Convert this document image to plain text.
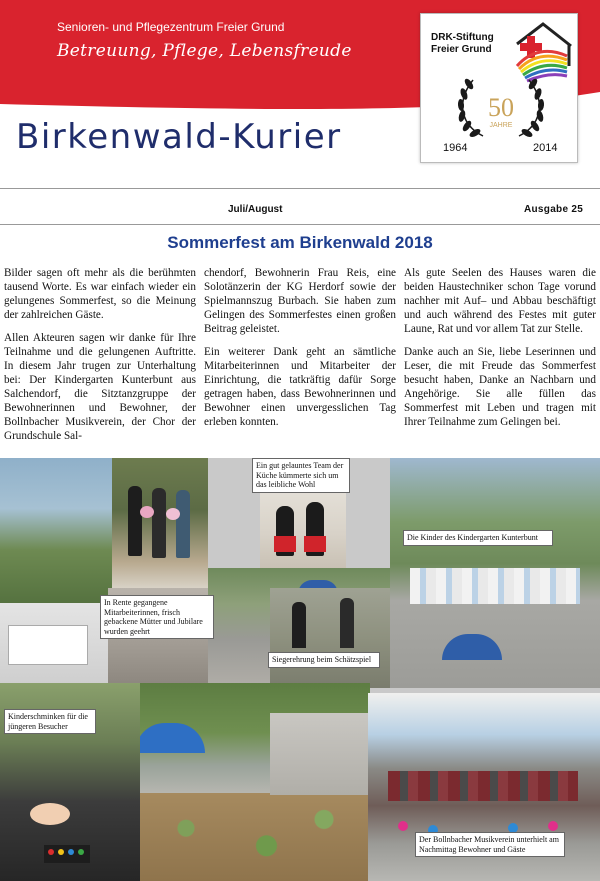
Senioren- und Pflegezentrum Freier Grund
Betreuung, Pflege, Lebensfreude
Birkenwald-Kurier
50
JAHRE
DRK-Stiftung
Freier Grund
1964	2014
Juli/August	Ausgabe 25
Sommerfest am Birkenwald 2018

Bilder sagen oft mehr als die berühmten tausend Worte. Es war einfach wieder ein gelungenes Sommerfest, so die Meinung der zahlreichen Gäste.

Allen Akteuren sagen wir danke für Ihre Teilnahme und die gelungenen Auftritte. In diesem Jahr trugen zur Unterhaltung bei: Der Kindergarten Kunterbunt aus Salchendorf, die Sitztanzgruppe der Bewohnerinnen und Bewohner, der Bollnbacher Musikverein, der Chor der Grundschule Sal-

chendorf, Bewohnerin Frau Reis, eine Solotänzerin der KG Herdorf sowie der Spielmannszug Burbach. Sie haben zum Gelingen des Sommerfestes einen großen Beitrag geleistet.

Ein weiterer Dank geht an sämtliche Mitarbeiterinnen und Mitarbeiter der Einrichtung, die tatkräftig dafür Sorge getragen haben, dass Bewohnerinnen und Bewohner einen unvergesslichen Tag erleben konnten.

Als gute Seelen des Hauses waren die beiden Haustechniker schon Tage vorund nachher mit Auf– und Abbau beschäftigt und auch während des Festes mit guter Laune, Rat und vor allem Tat zur Stelle.

Danke auch an Sie, liebe Leserinnen und Leser, die mit Freude das Sommerfest besucht haben, Danke an Nachbarn und Angehörige. Sie alle füllen das Sommerfest mit Leben und tragen mit Ihrer Teilnahme zum Gelingen bei.

Ein gut gelauntes Team der Küche kümmerte sich um das leibliche Wohl
Die Kinder des Kindergarten Kunterbunt
In Rente gegangene Mitarbeiterinnen, frisch gebackene Mütter und Jubilare wurden geehrt
Siegerehrung beim Schätzspiel
Kinderschminken für die jüngeren Besucher
Der Bollnbacher Musikverein unterhielt am Nachmittag Bewohner und Gäste
